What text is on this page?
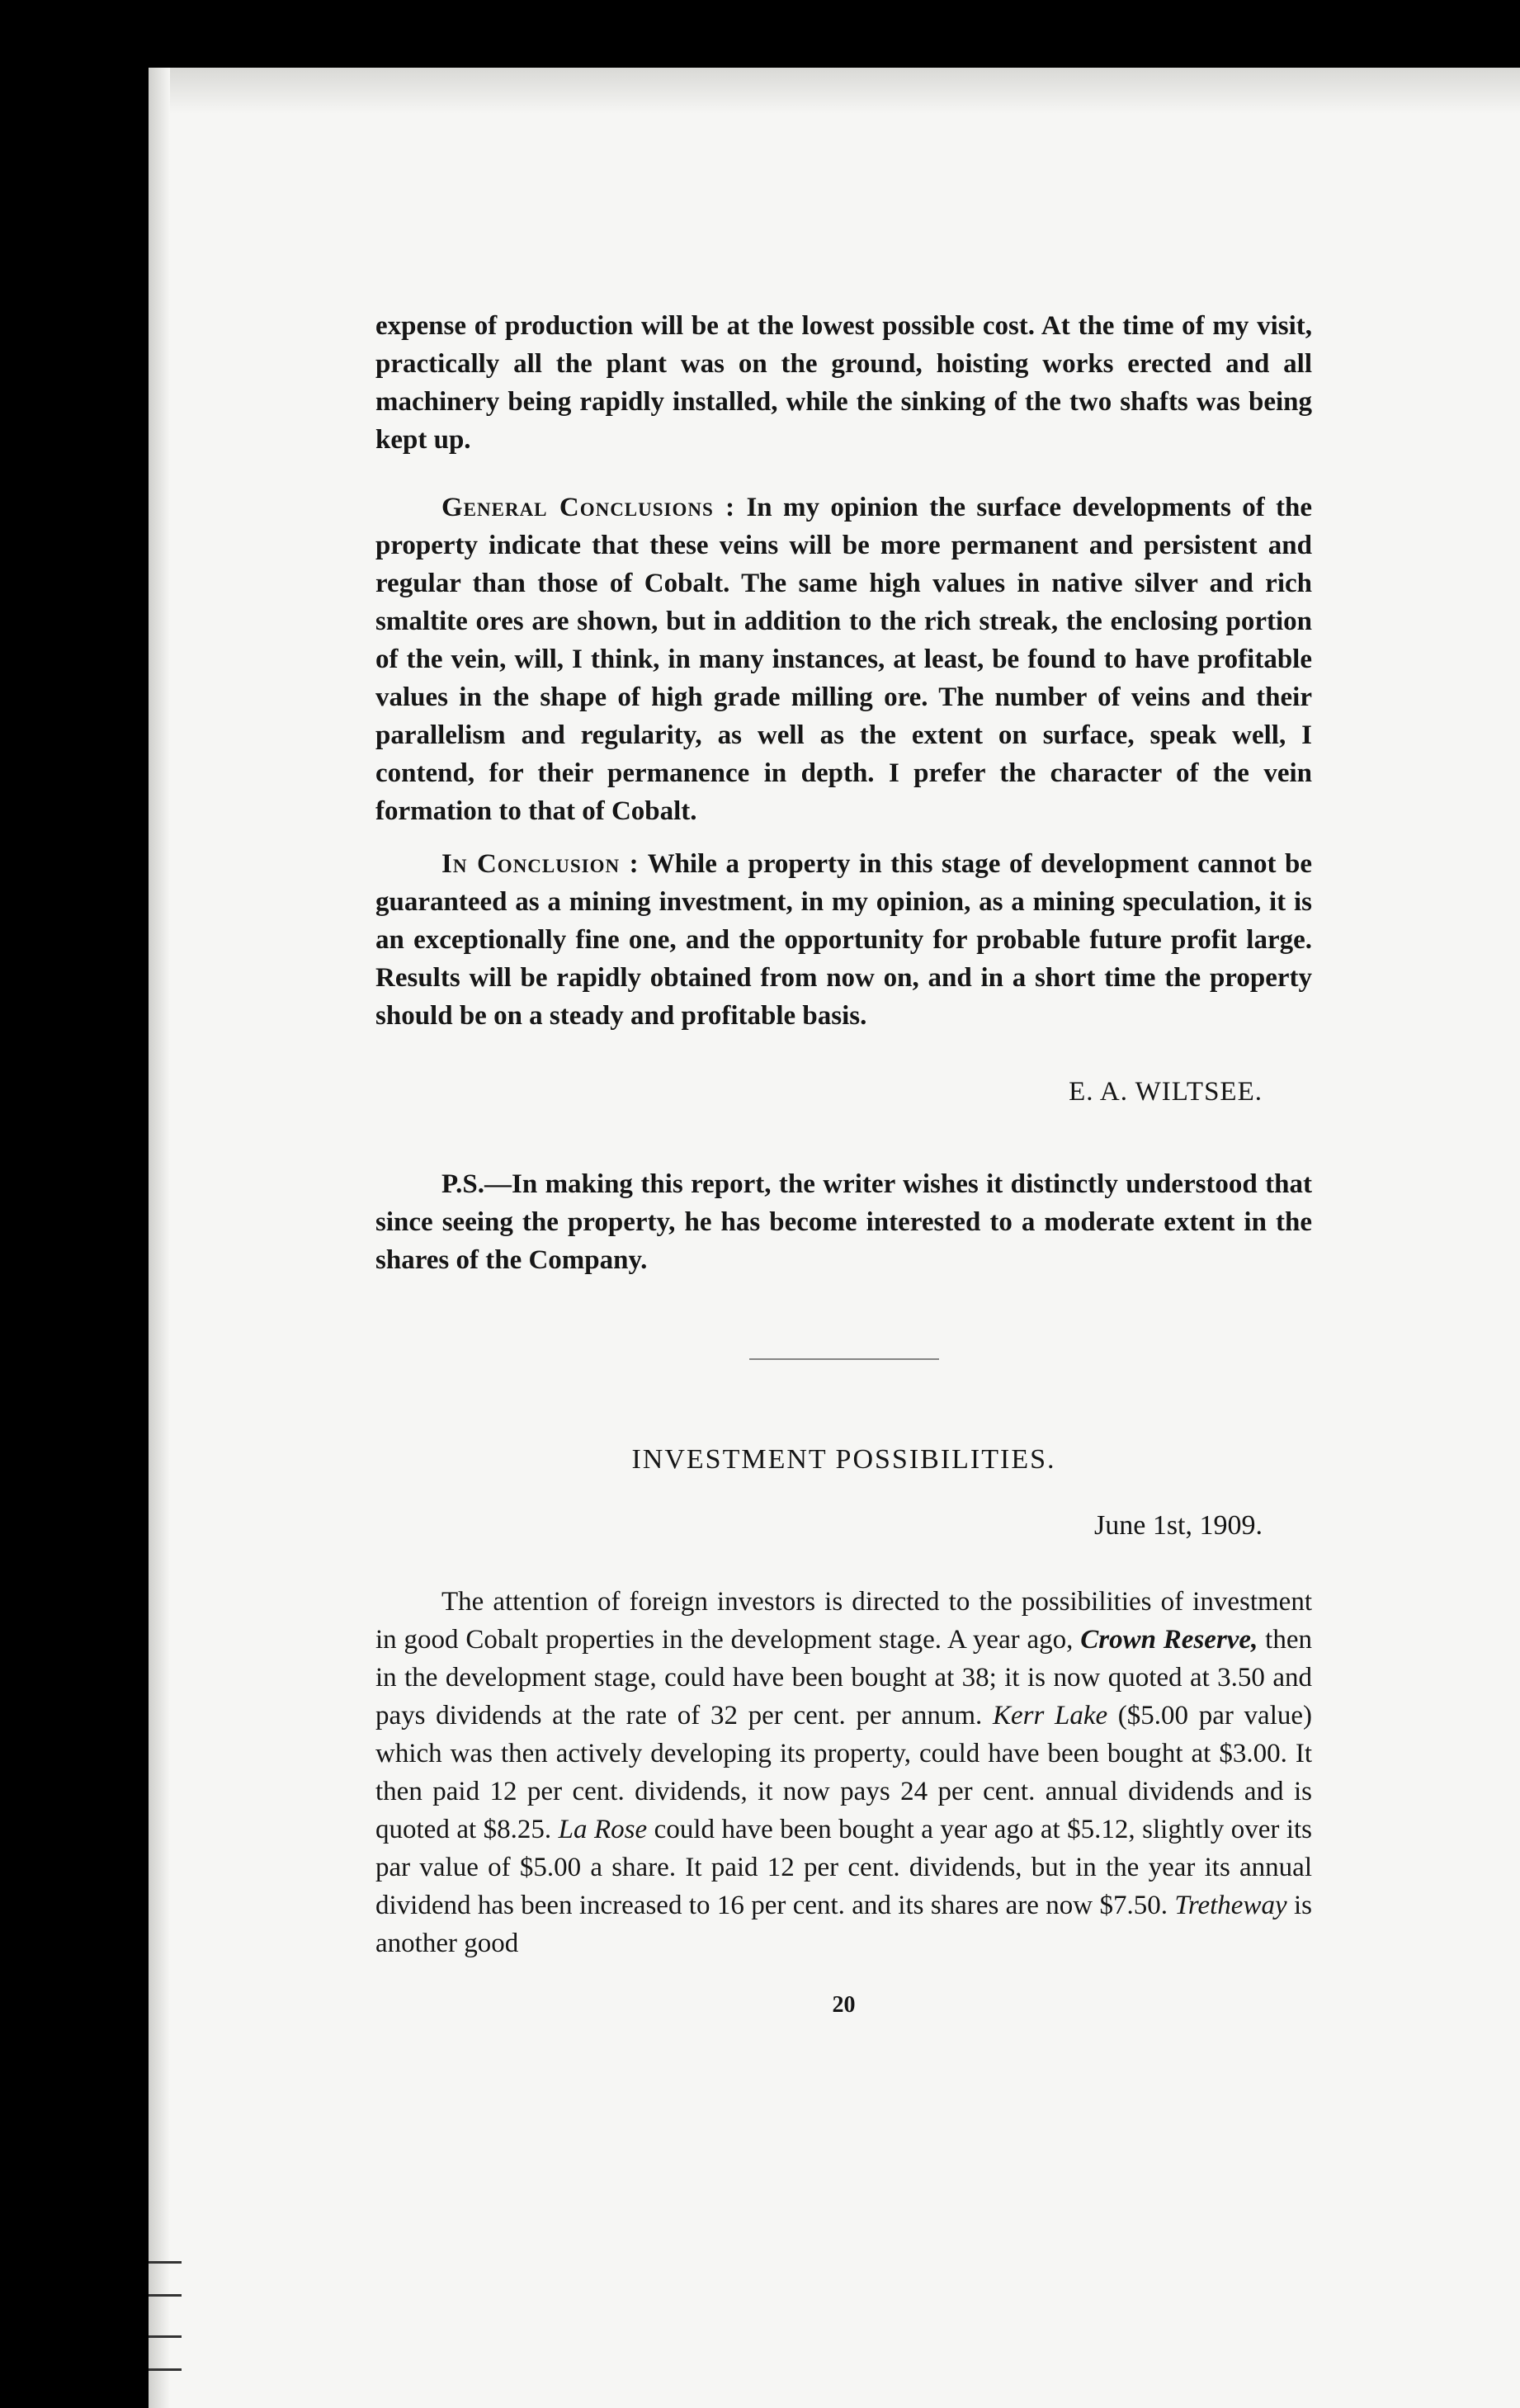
expense of production will be at the lowest possible cost. At the time of my visit, practically all the plant was on the ground, hoisting works erected and all machinery being rapidly installed, while the sinking of the two shafts was being kept up.

General Conclusions : In my opinion the surface developments of the property indicate that these veins will be more permanent and persistent and regular than those of Cobalt. The same high values in native silver and rich smaltite ores are shown, but in addition to the rich streak, the enclosing portion of the vein, will, I think, in many instances, at least, be found to have profitable values in the shape of high grade milling ore. The number of veins and their parallelism and regularity, as well as the extent on surface, speak well, I contend, for their permanence in depth. I prefer the character of the vein formation to that of Cobalt.

In Conclusion : While a property in this stage of development cannot be guaranteed as a mining investment, in my opinion, as a mining speculation, it is an exceptionally fine one, and the opportunity for probable future profit large. Results will be rapidly obtained from now on, and in a short time the property should be on a steady and profitable basis.

E. A. WILTSEE.

P.S.—In making this report, the writer wishes it distinctly understood that since seeing the property, he has become interested to a moderate extent in the shares of the Company.

INVESTMENT POSSIBILITIES.
June 1st, 1909.

The attention of foreign investors is directed to the possibilities of investment in good Cobalt properties in the development stage. A year ago, Crown Reserve, then in the development stage, could have been bought at 38; it is now quoted at 3.50 and pays dividends at the rate of 32 per cent. per annum. Kerr Lake ($5.00 par value) which was then actively developing its property, could have been bought at $3.00. It then paid 12 per cent. dividends, it now pays 24 per cent. annual dividends and is quoted at $8.25. La Rose could have been bought a year ago at $5.12, slightly over its par value of $5.00 a share. It paid 12 per cent. dividends, but in the year its annual dividend has been increased to 16 per cent. and its shares are now $7.50. Tretheway is another good

20
